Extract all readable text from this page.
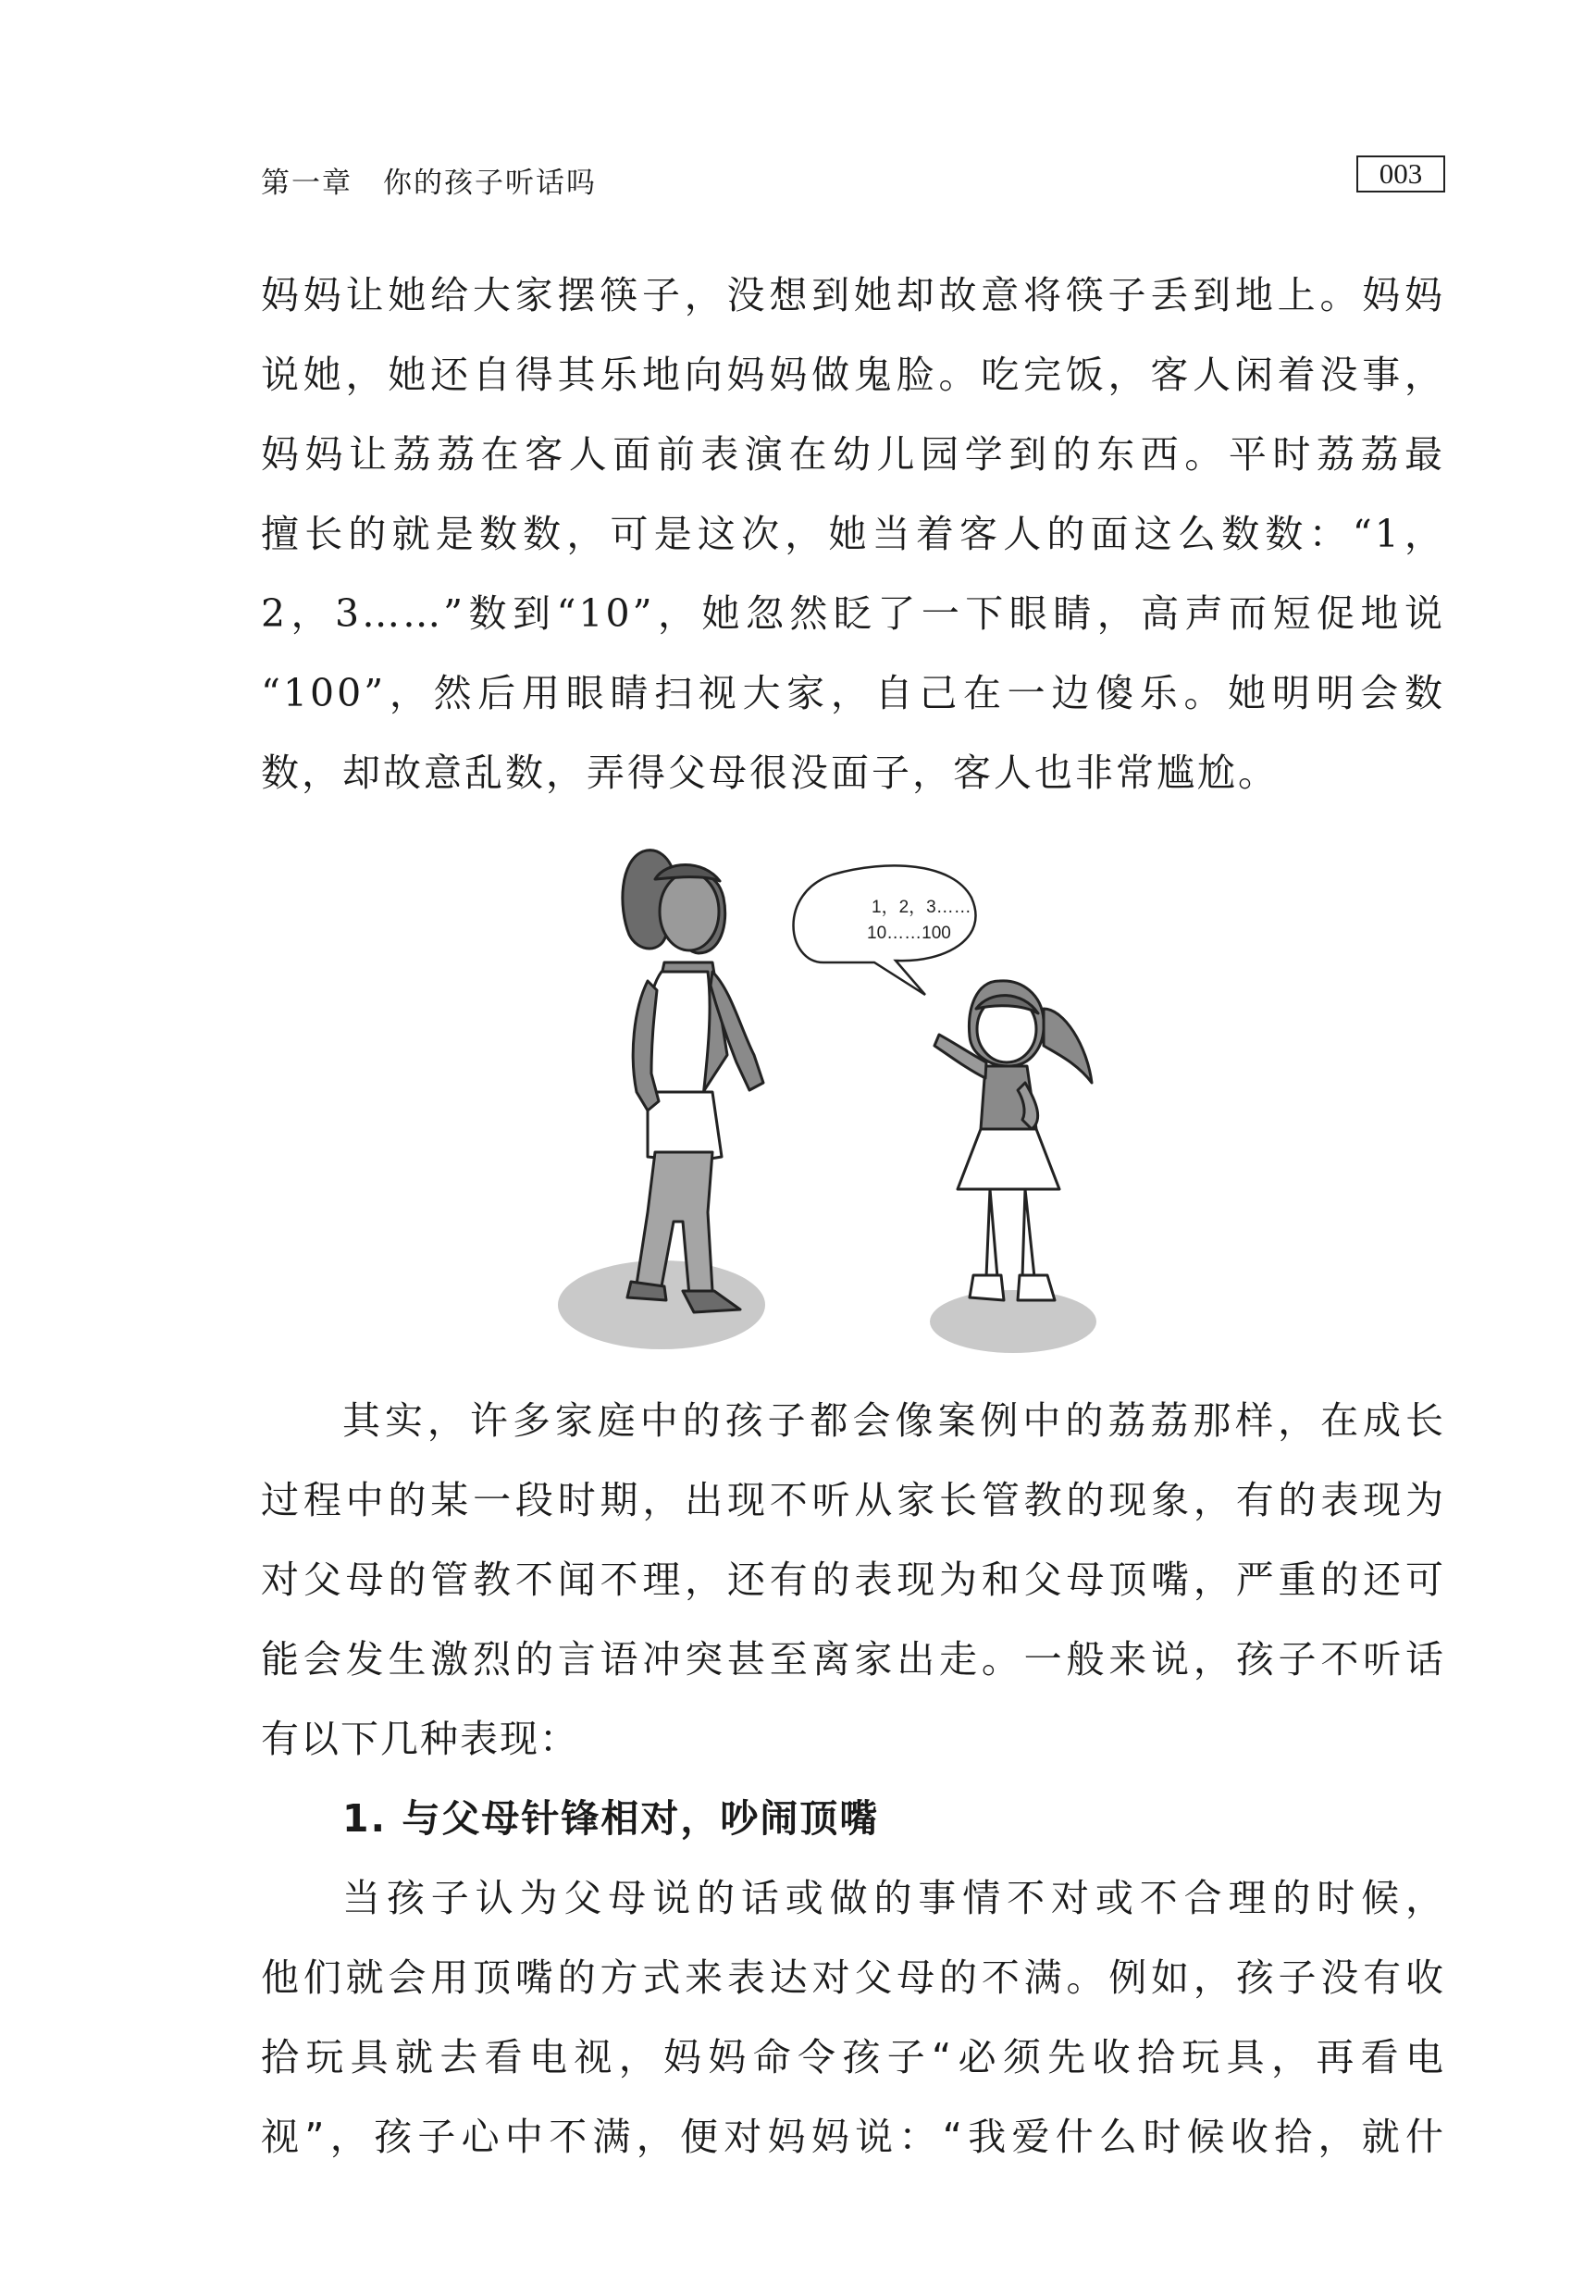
第一章　你的孩子听话吗	003

妈妈让她给大家摆筷子，没想到她却故意将筷子丢到地上。妈妈

说她，她还自得其乐地向妈妈做鬼脸。吃完饭，客人闲着没事，

妈妈让荔荔在客人面前表演在幼儿园学到的东西。平时荔荔最

擅长的就是数数，可是这次，她当着客人的面这么数数：“1，

2，3……”数到“10”，她忽然眨了一下眼睛，高声而短促地说

“100”，然后用眼睛扫视大家，自己在一边傻乐。她明明会数

数，却故意乱数，弄得父母很没面子，客人也非常尴尬。

1，2，3……
10……100

其实，许多家庭中的孩子都会像案例中的荔荔那样，在成长

过程中的某一段时期，出现不听从家长管教的现象，有的表现为

对父母的管教不闻不理，还有的表现为和父母顶嘴，严重的还可

能会发生激烈的言语冲突甚至离家出走。一般来说，孩子不听话

有以下几种表现：

1. 与父母针锋相对，吵闹顶嘴

当孩子认为父母说的话或做的事情不对或不合理的时候，

他们就会用顶嘴的方式来表达对父母的不满。例如，孩子没有收

拾玩具就去看电视，妈妈命令孩子“必须先收拾玩具，再看电

视”，孩子心中不满，便对妈妈说：“我爱什么时候收拾，就什
